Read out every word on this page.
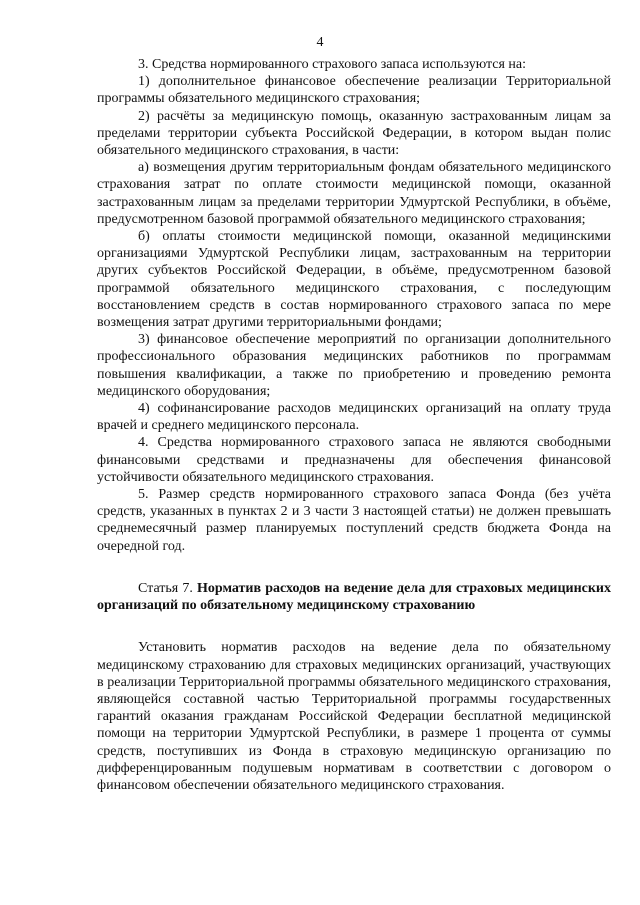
4

3. Средства нормированного страхового запаса используются на:

1) дополнительное финансовое обеспечение реализации Территориальной программы обязательного медицинского страхования;

2) расчёты за медицинскую помощь, оказанную застрахованным лицам за пределами территории субъекта Российской Федерации, в котором выдан полис обязательного медицинского страхования, в части:

а) возмещения другим территориальным фондам обязательного медицинского страхования затрат по оплате стоимости медицинской помощи, оказанной застрахованным лицам за пределами территории Удмуртской Республики, в объёме, предусмотренном базовой программой обязательного медицинского страхования;

б) оплаты стоимости медицинской помощи, оказанной медицинскими организациями Удмуртской Республики лицам, застрахованным на территории других субъектов Российской Федерации, в объёме, предусмотренном базовой программой обязательного медицинского страхования, с последующим восстановлением средств в состав нормированного страхового запаса по мере возмещения затрат другими территориальными фондами;

3) финансовое обеспечение мероприятий по организации дополнительного профессионального образования медицинских работников по программам повышения квалификации, а также по приобретению и проведению ремонта медицинского оборудования;

4) софинансирование расходов медицинских организаций на оплату труда врачей и среднего медицинского персонала.

4. Средства нормированного страхового запаса не являются свободными финансовыми средствами и предназначены для обеспечения финансовой устойчивости обязательного медицинского страхования.

5. Размер средств нормированного страхового запаса Фонда (без учёта средств, указанных в пунктах 2 и 3 части 3 настоящей статьи) не должен превышать среднемесячный размер планируемых поступлений средств бюджета Фонда на очередной год.

Статья 7. Норматив расходов на ведение дела для страховых медицинских организаций по обязательному медицинскому страхованию

Установить норматив расходов на ведение дела по обязательному медицинскому страхованию для страховых медицинских организаций, участвующих в реализации Территориальной программы обязательного медицинского страхования, являющейся составной частью Территориальной программы государственных гарантий оказания гражданам Российской Федерации бесплатной медицинской помощи на территории Удмуртской Республики, в размере 1 процента от суммы средств, поступивших из Фонда в страховую медицинскую организацию по дифференцированным подушевым нормативам в соответствии с договором о финансовом обеспечении обязательного медицинского страхования.
